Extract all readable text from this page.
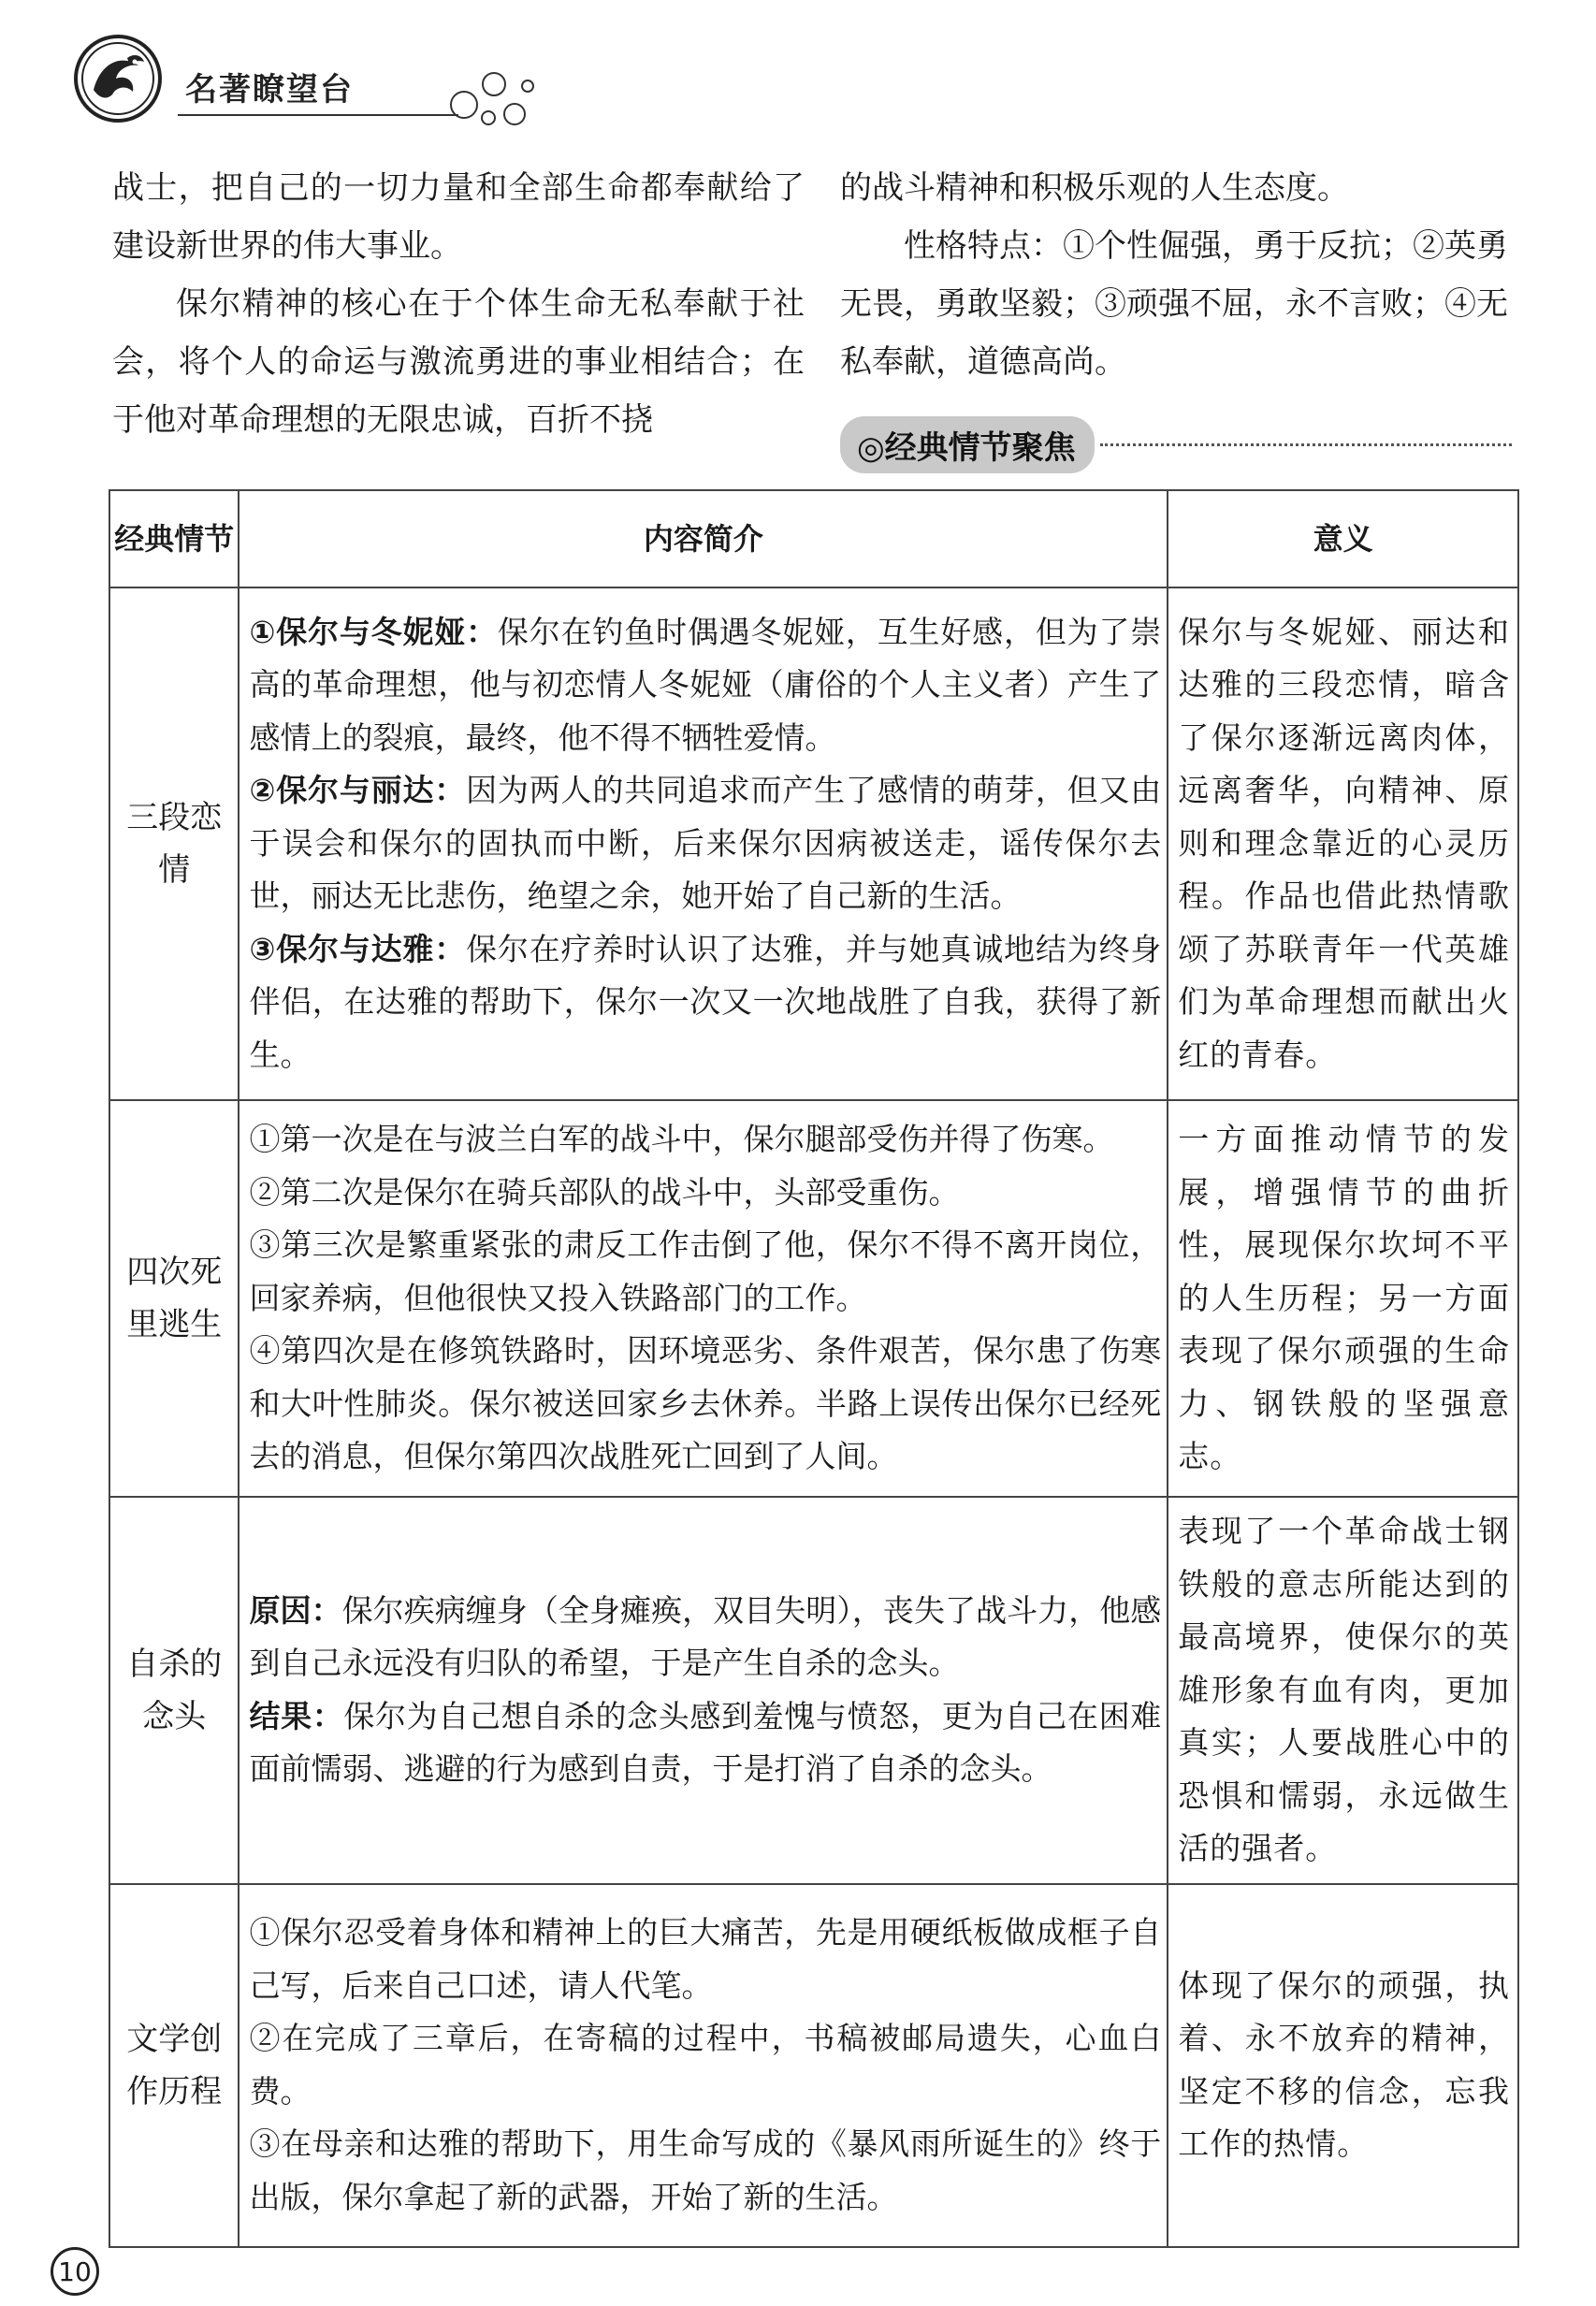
名著瞭望台

战士，把自己的一切力量和全部生命都奉献给了建设新世界的伟大事业。

保尔精神的核心在于个体生命无私奉献于社会，将个人的命运与激流勇进的事业相结合；在于他对革命理想的无限忠诚，百折不挠

的战斗精神和积极乐观的人生态度。

性格特点：①个性倔强，勇于反抗；②英勇无畏，勇敢坚毅；③顽强不屈，永不言败；④无私奉献，道德高尚。

◎经典情节聚焦
经典情节	内容简介	意义
三段恋情	①保尔与冬妮娅：保尔在钓鱼时偶遇冬妮娅，互生好感，但为了崇高的革命理想，他与初恋情人冬妮娅（庸俗的个人主义者）产生了感情上的裂痕，最终，他不得不牺牲爱情。

②保尔与丽达：因为两人的共同追求而产生了感情的萌芽，但又由于误会和保尔的固执而中断，后来保尔因病被送走，谣传保尔去世，丽达无比悲伤，绝望之余，她开始了自己新的生活。

③保尔与达雅：保尔在疗养时认识了达雅，并与她真诚地结为终身伴侣，在达雅的帮助下，保尔一次又一次地战胜了自我，获得了新生。	保尔与冬妮娅、丽达和达雅的三段恋情，暗含了保尔逐渐远离肉体，远离奢华，向精神、原则和理念靠近的心灵历程。作品也借此热情歌颂了苏联青年一代英雄们为革命理想而献出火红的青春。
四次死里逃生	①第一次是在与波兰白军的战斗中，保尔腿部受伤并得了伤寒。

②第二次是保尔在骑兵部队的战斗中，头部受重伤。

③第三次是繁重紧张的肃反工作击倒了他，保尔不得不离开岗位，回家养病，但他很快又投入铁路部门的工作。

④第四次是在修筑铁路时，因环境恶劣、条件艰苦，保尔患了伤寒和大叶性肺炎。保尔被送回家乡去休养。半路上误传出保尔已经死去的消息，但保尔第四次战胜死亡回到了人间。	一方面推动情节的发展，增强情节的曲折性，展现保尔坎坷不平的人生历程；另一方面表现了保尔顽强的生命力、钢铁般的坚强意志。
自杀的念头	原因：保尔疾病缠身（全身瘫痪，双目失明），丧失了战斗力，他感到自己永远没有归队的希望，于是产生自杀的念头。

结果：保尔为自己想自杀的念头感到羞愧与愤怒，更为自己在困难面前懦弱、逃避的行为感到自责，于是打消了自杀的念头。	表现了一个革命战士钢铁般的意志所能达到的最高境界，使保尔的英雄形象有血有肉，更加真实；人要战胜心中的恐惧和懦弱，永远做生活的强者。
文学创作历程	①保尔忍受着身体和精神上的巨大痛苦，先是用硬纸板做成框子自己写，后来自己口述，请人代笔。

②在完成了三章后，在寄稿的过程中，书稿被邮局遗失，心血白费。

③在母亲和达雅的帮助下，用生命写成的《暴风雨所诞生的》终于出版，保尔拿起了新的武器，开始了新的生活。	体现了保尔的顽强，执着、永不放弃的精神，坚定不移的信念，忘我工作的热情。
10
